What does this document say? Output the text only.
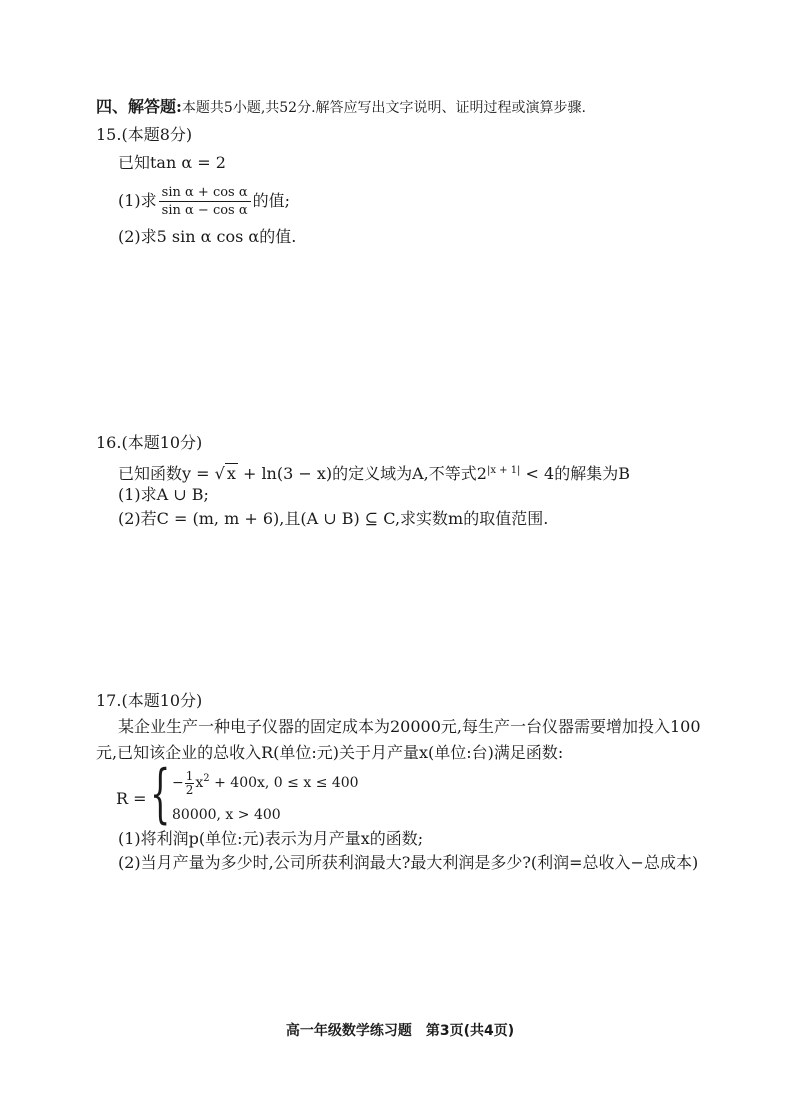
四、解答题:本题共5小题,共52分.解答应写出文字说明、证明过程或演算步骤.
15.(本题8分)
已知tan α = 2
(1)求 $\frac{\text{sin α + cos α}}{\text{sin α − cos α}}$ 的值;
(2)求5 sin α cos α的值.
16.(本题10分)
已知函数y = √ x + ln(3 − x)的定义域为A,不等式$2^{|x + 1|} < 4$的解集为B
(1)求A ∪ B;
(2)若C = (m, m + 6),且(A ∪ B) ⊆ C,求实数m的取值范围.
17.(本题10分)
某企业生产一种电子仪器的固定成本为20000元,每生产一台仪器需要增加投入100
元,已知该企业的总收入R(单位:元)关于月产量x(单位:台)满足函数:
R = { − $\frac{1}{2} x^2 + 400x$, 0 ≤ x ≤ 400
80000, x > 400
(1)将利润p(单位:元)表示为月产量x的函数;
(2)当月产量为多少时,公司所获利润最大?最大利润是多少?(利润=总收入−总成本)
高一年级数学练习题　第3页(共4页)
